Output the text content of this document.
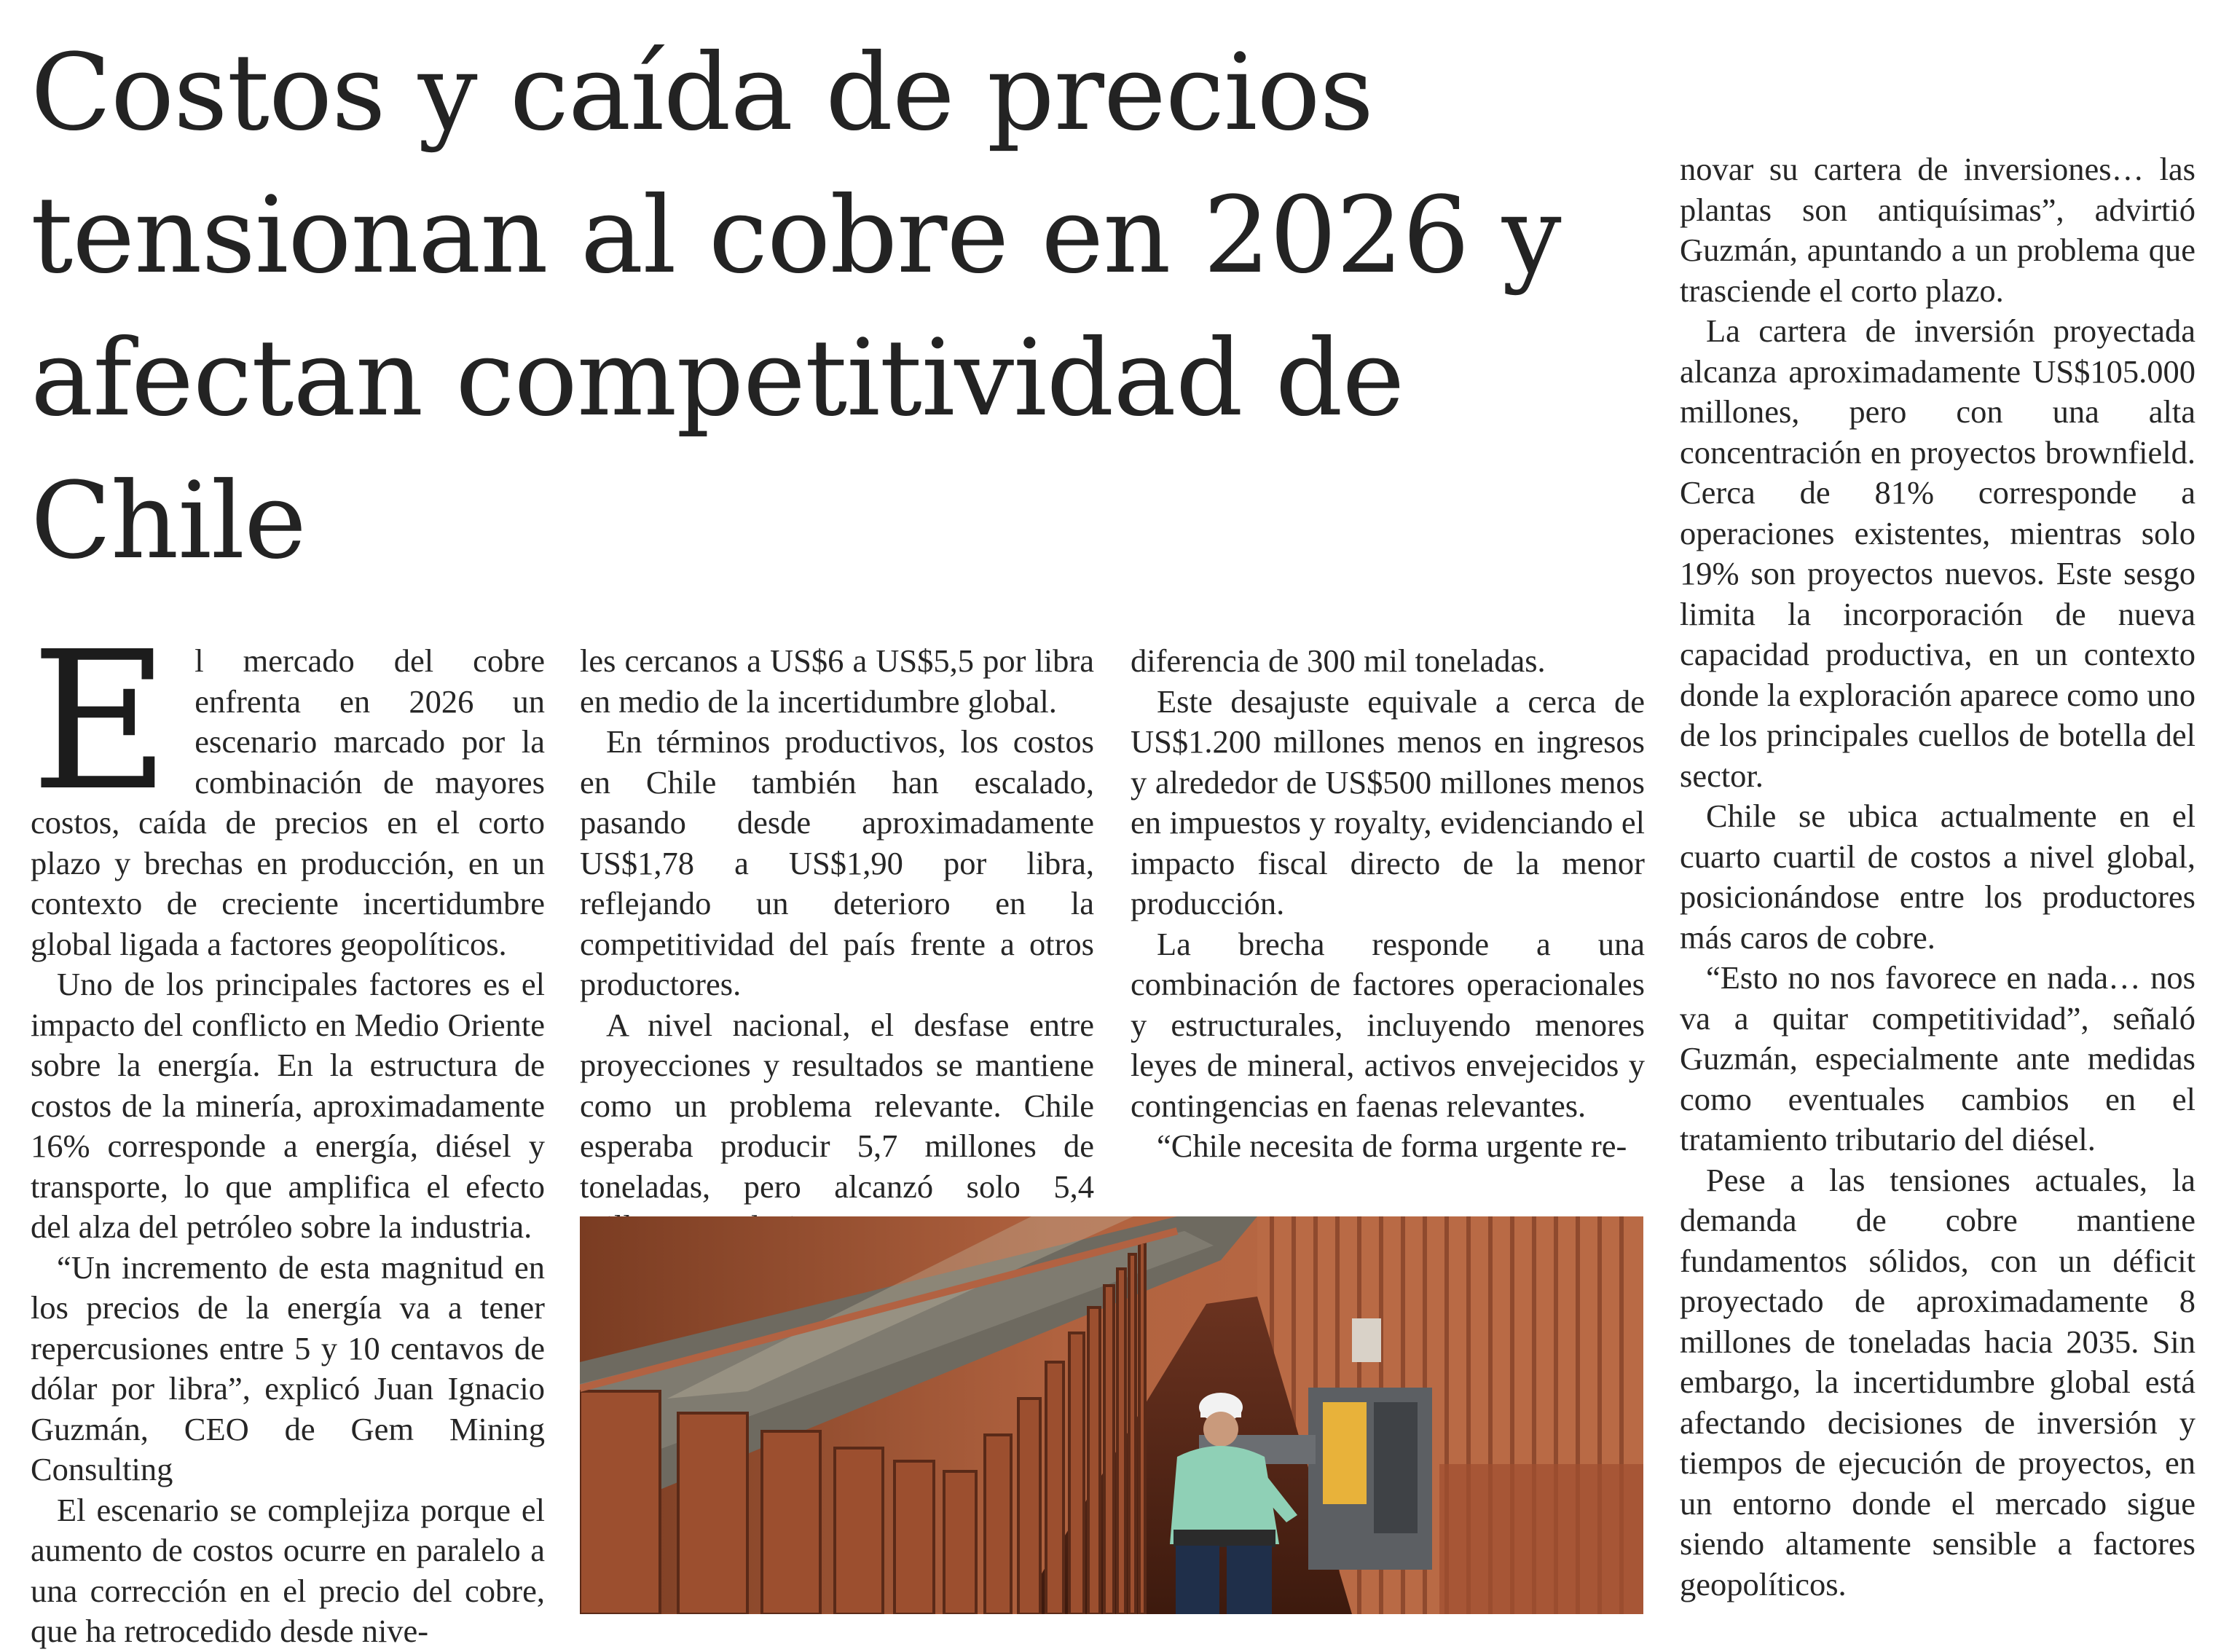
Costos y caída de precios tensionan al cobre en 2026 y afectan competitividad de Chile
E l mercado del cobre enfrenta en 2026 un escenario marcado por la combinación de mayores costos, caída de precios en el corto plazo y brechas en producción, en un contexto de creciente incertidumbre global ligada a factores geopolíticos.

Uno de los principales factores es el impacto del conflicto en Medio Oriente sobre la energía. En la estructura de costos de la minería, aproximadamente 16% corresponde a energía, diésel y transporte, lo que amplifica el efecto del alza del petróleo sobre la industria.

“Un incremento de esta magnitud en los precios de la energía va a tener repercusiones entre 5 y 10 centavos de dólar por libra”, explicó Juan Ignacio Guzmán, CEO de Gem Mining Consulting

El escenario se complejiza porque el aumento de costos ocurre en paralelo a una corrección en el precio del cobre, que ha retrocedido desde nive-

les cercanos a US$6 a US$5,5 por libra en medio de la incertidumbre global.

En términos productivos, los costos en Chile también han escalado, pasando desde aproximadamente US$1,78 a US$1,90 por libra, reflejando un deterioro en la competitividad del país frente a otros productores.

A nivel nacional, el desfase entre proyecciones y resultados se mantiene como un problema relevante. Chile esperaba producir 5,7 millones de toneladas, pero alcanzó solo 5,4

diferencia de 300 mil toneladas.

Este desajuste equivale a cerca de US$1.200 millones menos en ingresos y alrededor de US$500 millones menos en impuestos y royalty, evidenciando el impacto fiscal directo de la menor producción.

La brecha responde a una combinación de factores operacionales y estructurales, incluyendo menores leyes de mineral, activos envejecidos y contingencias en faenas relevantes.

“Chile necesita de forma urgente re-

novar su cartera de inversiones… las plantas son antiquísimas”, advirtió Guzmán, apuntando a un problema que trasciende el corto plazo.

La cartera de inversión proyectada alcanza aproximadamente US$105.000 millones, pero con una alta concentración en proyectos brownfield. Cerca de 81% corresponde a operaciones existentes, mientras solo 19% son proyectos nuevos. Este sesgo limita la incorporación de nueva capacidad productiva, en un contexto donde la exploración aparece como uno de los principales cuellos de botella del sector.

Chile se ubica actualmente en el cuarto cuartil de costos a nivel global, posicionándose entre los productores más caros de cobre.

“Esto no nos favorece en nada… nos va a quitar competitividad”, señaló Guzmán, especialmente ante medidas como eventuales cambios en el tratamiento tributario del diésel.

Pese a las tensiones actuales, la demanda de cobre mantiene fundamentos sólidos, con un déficit proyectado de aproximadamente 8 millones de toneladas hacia 2035. Sin embargo, la incertidumbre global está afectando decisiones de inversión y tiempos de ejecución de proyectos, en un entorno donde el mercado sigue siendo altamente sensible a factores geopolíticos.
